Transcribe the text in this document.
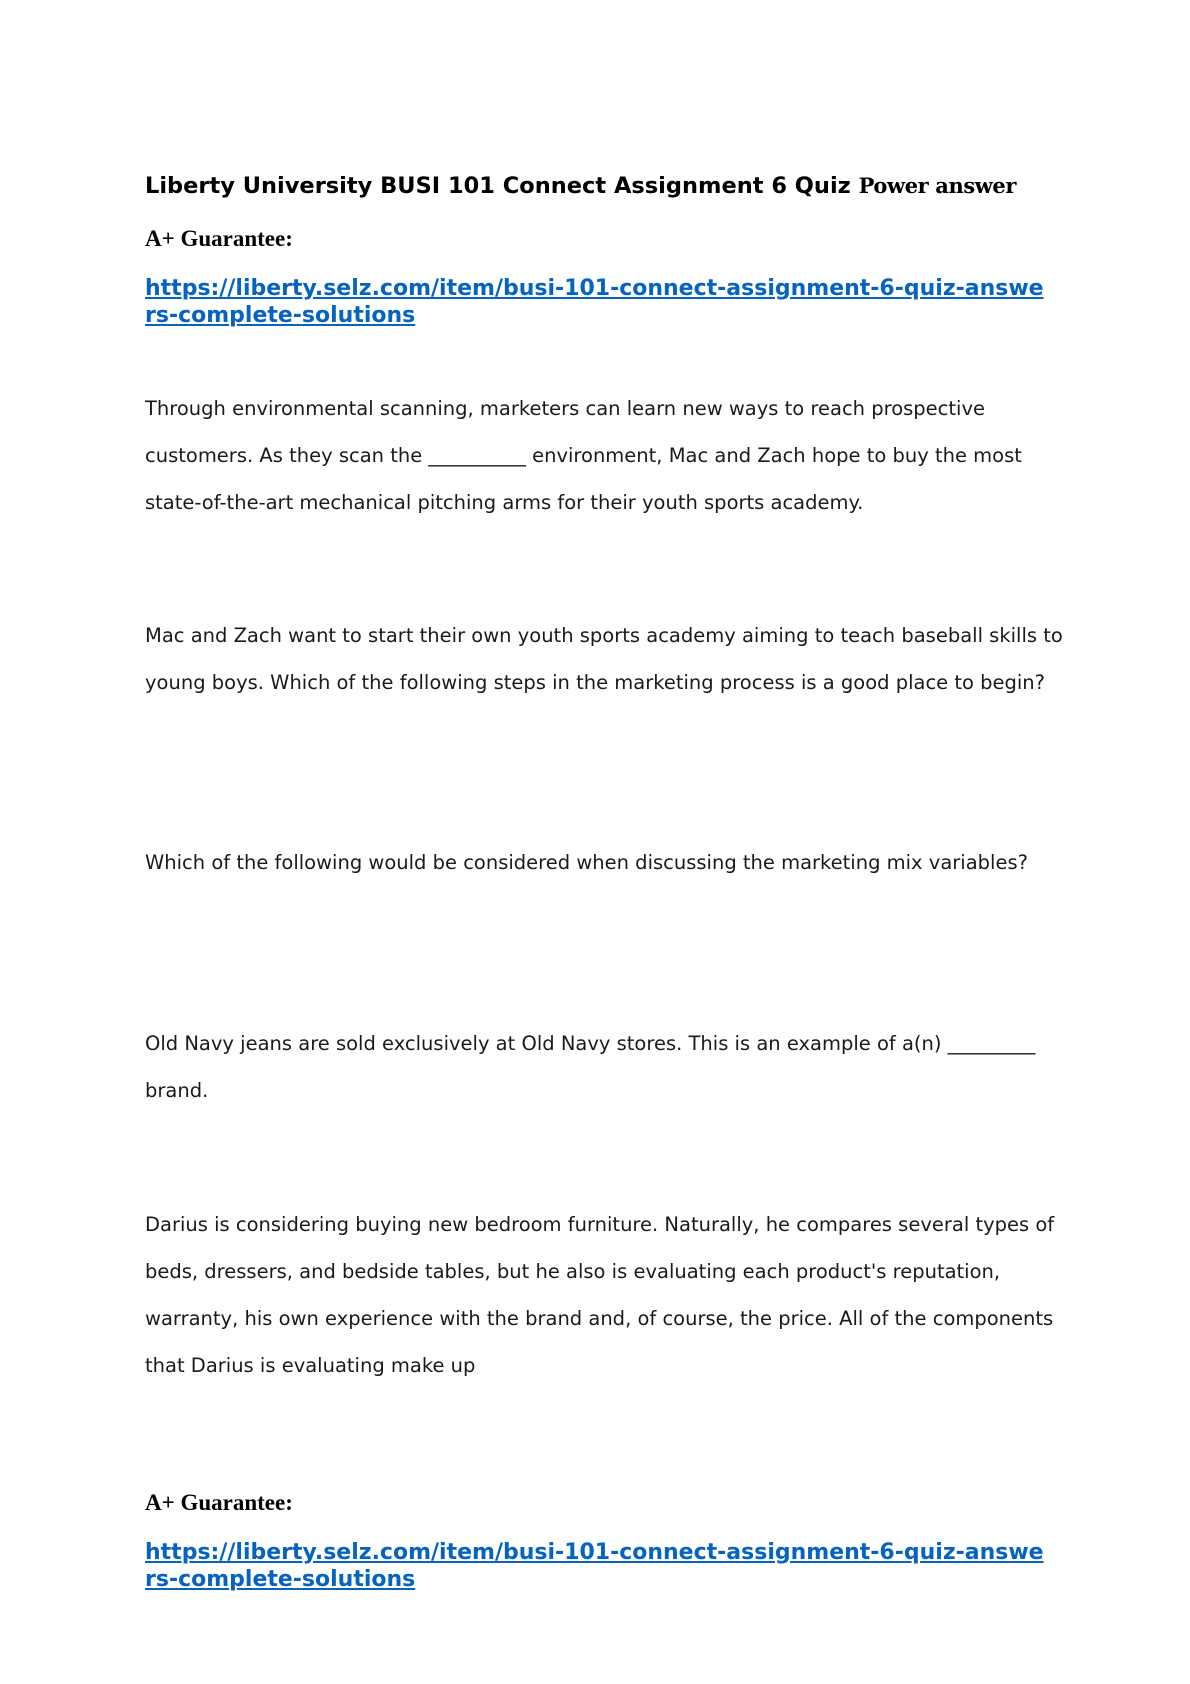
Liberty University BUSI 101 Connect Assignment 6 Quiz Power answer
A+ Guarantee:
https://liberty.selz.com/item/busi-101-connect-assignment-6-quiz-answers-complete-solutions
Through environmental scanning, marketers can learn new ways to reach prospective customers. As they scan the __________ environment, Mac and Zach hope to buy the most state-of-the-art mechanical pitching arms for their youth sports academy.
Mac and Zach want to start their own youth sports academy aiming to teach baseball skills to young boys. Which of the following steps in the marketing process is a good place to begin?
Which of the following would be considered when discussing the marketing mix variables?
Old Navy jeans are sold exclusively at Old Navy stores. This is an example of a(n) _________ brand.
Darius is considering buying new bedroom furniture. Naturally, he compares several types of beds, dressers, and bedside tables, but he also is evaluating each product's reputation, warranty, his own experience with the brand and, of course, the price. All of the components that Darius is evaluating make up
A+ Guarantee:
https://liberty.selz.com/item/busi-101-connect-assignment-6-quiz-answers-complete-solutions
